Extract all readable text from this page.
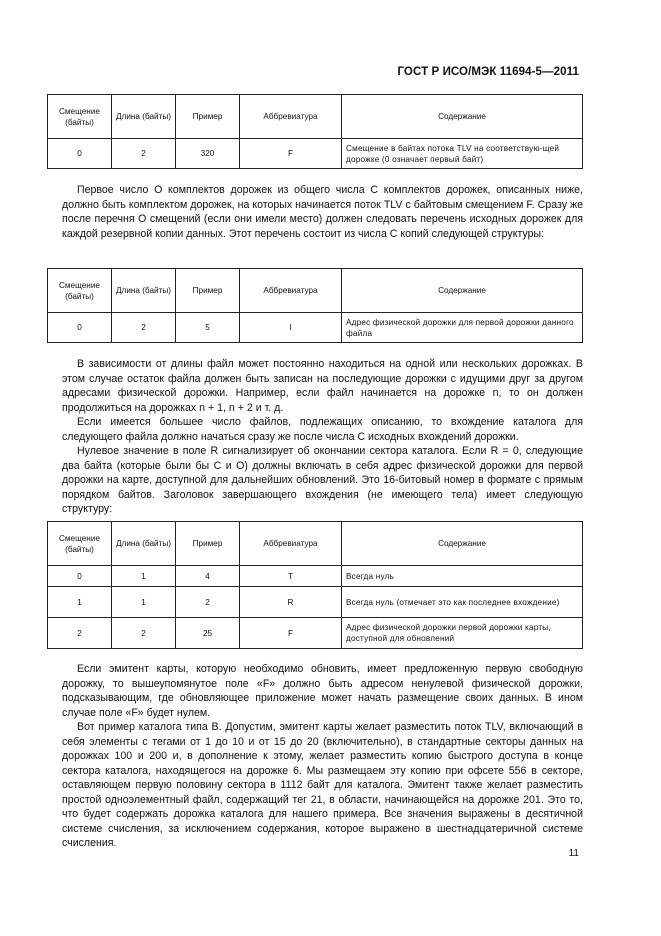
ГОСТ Р ИСО/МЭК 11694-5—2011
Смещение (байты)	Длина (байты)	Пример	Аббревиатура	Содержание
0	2	320	F	Смещение в байтах потока TLV на соответствую-щей дорожке (0 означает первый байт)

Первое число O комплектов дорожек из общего числа C комплектов дорожек, описанных ниже, должно быть комплектом дорожек, на которых начинается поток TLV с байтовым смещением F. Сразу же после перечня O смещений (если они имели место) должен следовать перечень исходных дорожек для каждой резервной копии данных. Этот перечень состоит из числа C копий следующей структуры:

Смещение (байты)	Длина (байты)	Пример	Аббревиатура	Содержание
0	2	5	I	Адрес физической дорожки для первой дорожки данного файла

В зависимости от длины файл может постоянно находиться на одной или нескольких дорожках. В этом случае остаток файла должен быть записан на последующие дорожки с идущими друг за другом адресами физической дорожки. Например, если файл начинается на дорожке n, то он должен продолжиться на дорожках n + 1, n + 2 и т. д.

Если имеется большее число файлов, подлежащих описанию, то вхождение каталога для следующего файла должно начаться сразу же после числа C исходных вхождений дорожки.

Нулевое значение в поле R сигнализирует об окончании сектора каталога. Если R = 0, следующие два байта (которые были бы C и O) должны включать в себя адрес физической дорожки для первой дорожки на карте, доступной для дальнейших обновлений. Это 16-битовый номер в формате с прямым порядком байтов. Заголовок завершающего вхождения (не имеющего тела) имеет следующую структуру:

Смещение (байты)	Длина (байты)	Пример	Аббревиатура	Содержание
0	1	4	T	Всегда нуль
1	1	2	R	Всегда нуль (отмечает это как последнее вхождение)
2	2	25	F	Адрес физической дорожки первой дорожки карты, доступной для обновлений

Если эмитент карты, которую необходимо обновить, имеет предложенную первую свободную дорожку, то вышеупомянутое поле «F» должно быть адресом ненулевой физической дорожки, подсказывающим, где обновляющее приложение может начать размещение своих данных. В ином случае поле «F» будет нулем.

Вот пример каталога типа B. Допустим, эмитент карты желает разместить поток TLV, включающий в себя элементы с тегами от 1 до 10 и от 15 до 20 (включительно), в стандартные секторы данных на дорожках 100 и 200 и, в дополнение к этому, желает разместить копию быстрого доступа в конце сектора каталога, находящегося на дорожке 6. Мы размещаем эту копию при офсете 556 в секторе, оставляющем первую половину сектора в 1112 байт для каталога. Эмитент также желает разместить простой одноэлементный файл, содержащий тег 21, в области, начинающейся на дорожке 201. Это то, что будет содержать дорожка каталога для нашего примера. Все значения выражены в десятичной системе счисления, за исключением содержания, которое выражено в шестнадцатеричной системе счисления.

11
